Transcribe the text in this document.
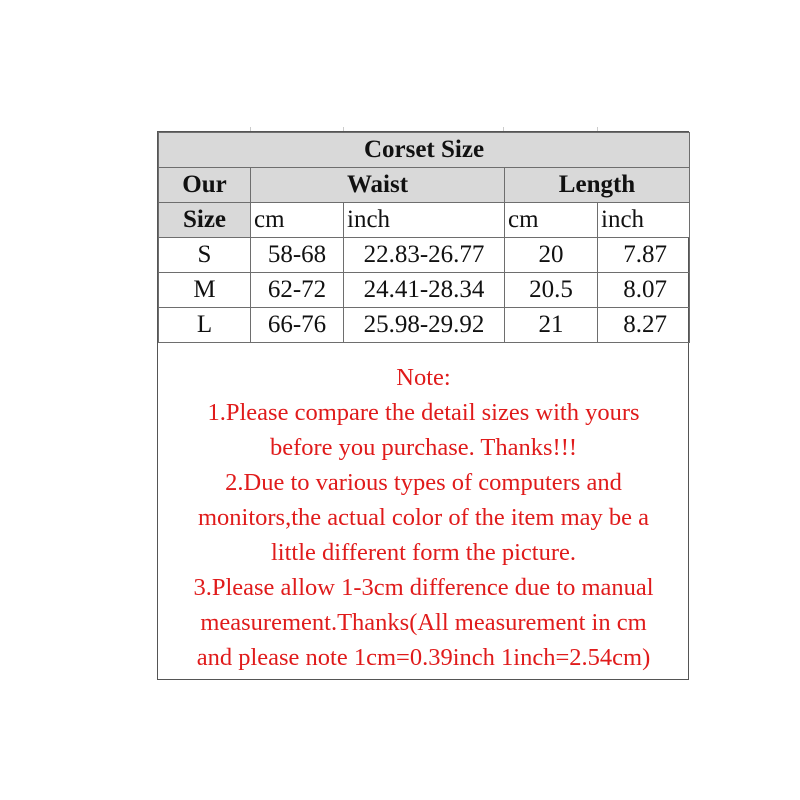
Corset Size				
Our	Waist		Length	
Size	cm	inch	cm	inch
S	58-68	22.83-26.77	20	7.87
M	62-72	24.41-28.34	20.5	8.07
L	66-76	25.98-29.92	21	8.27
Note:
1.Please compare the detail sizes with yours
before you purchase. Thanks!!!
2.Due to various types of computers and
monitors,the actual color of the item may be a
little different form the picture.
3.Please allow 1-3cm difference due to manual
measurement.Thanks(All measurement in cm
and please note 1cm=0.39inch 1inch=2.54cm)
